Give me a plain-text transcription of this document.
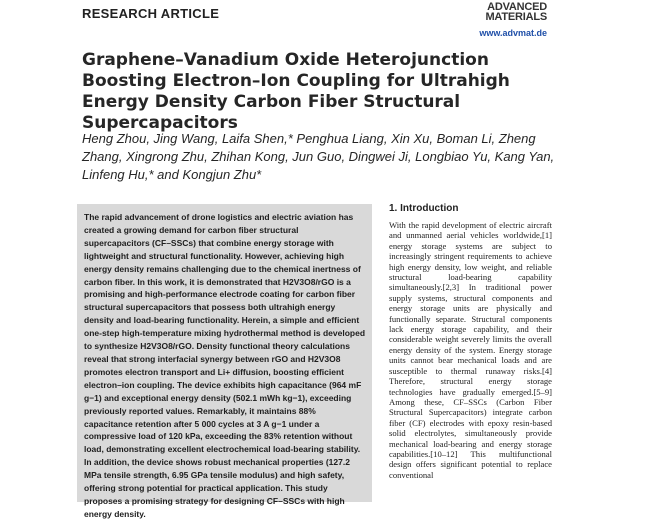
RESEARCH ARTICLE	ADVANCED
MATERIALS
www.advmat.de
Graphene–Vanadium Oxide Heterojunction Boosting Electron–Ion Coupling for Ultrahigh Energy Density Carbon Fiber Structural Supercapacitors
Heng Zhou, Jing Wang, Laifa Shen,* Penghua Liang, Xin Xu, Boman Li, Zheng Zhang, Xingrong Zhu, Zhihan Kong, Jun Guo, Dingwei Ji, Longbiao Yu, Kang Yan, Linfeng Hu,* and Kongjun Zhu*
The rapid advancement of drone logistics and electric aviation has created a growing demand for carbon fiber structural supercapacitors (CF–SSCs) that combine energy storage with lightweight and structural functionality. However, achieving high energy density remains challenging due to the chemical inertness of carbon fiber. In this work, it is demonstrated that H2V3O8/rGO is a promising and high-performance electrode coating for carbon fiber structural supercapacitors that possess both ultrahigh energy density and load-bearing functionality. Herein, a simple and efficient one-step high-temperature mixing hydrothermal method is developed to synthesize H2V3O8/rGO. Density functional theory calculations reveal that strong interfacial synergy between rGO and H2V3O8 promotes electron transport and Li+ diffusion, boosting efficient electron–ion coupling. The device exhibits high capacitance (964 mF g−1) and exceptional energy density (502.1 mWh kg−1), exceeding previously reported values. Remarkably, it maintains 88% capacitance retention after 5 000 cycles at 3 A g−1 under a compressive load of 120 kPa, exceeding the 83% retention without load, demonstrating excellent electrochemical load-bearing stability. In addition, the device shows robust mechanical properties (127.2 MPa tensile strength, 6.95 GPa tensile modulus) and high safety, offering strong potential for practical application. This study proposes a promising strategy for designing CF–SSCs with high energy density.
1. Introduction
With the rapid development of electric aircraft and unmanned aerial vehicles worldwide,[1] energy storage systems are subject to increasingly stringent requirements to achieve high energy density, low weight, and reliable structural load-bearing capability simultaneously.[2,3] In traditional power supply systems, structural components and energy storage units are physically and functionally separate. Structural components lack energy storage capability, and their considerable weight severely limits the overall energy density of the system. Energy storage units cannot bear mechanical loads and are susceptible to thermal runaway risks.[4] Therefore, structural energy storage technologies have gradually emerged.[5–9] Among these, CF–SSCs (Carbon Fiber Structural Supercapacitors) integrate carbon fiber (CF) electrodes with epoxy resin-based solid electrolytes, simultaneously provide mechanical load-bearing and energy storage capabilities.[10–12] This multifunctional design offers significant potential to replace conventional
